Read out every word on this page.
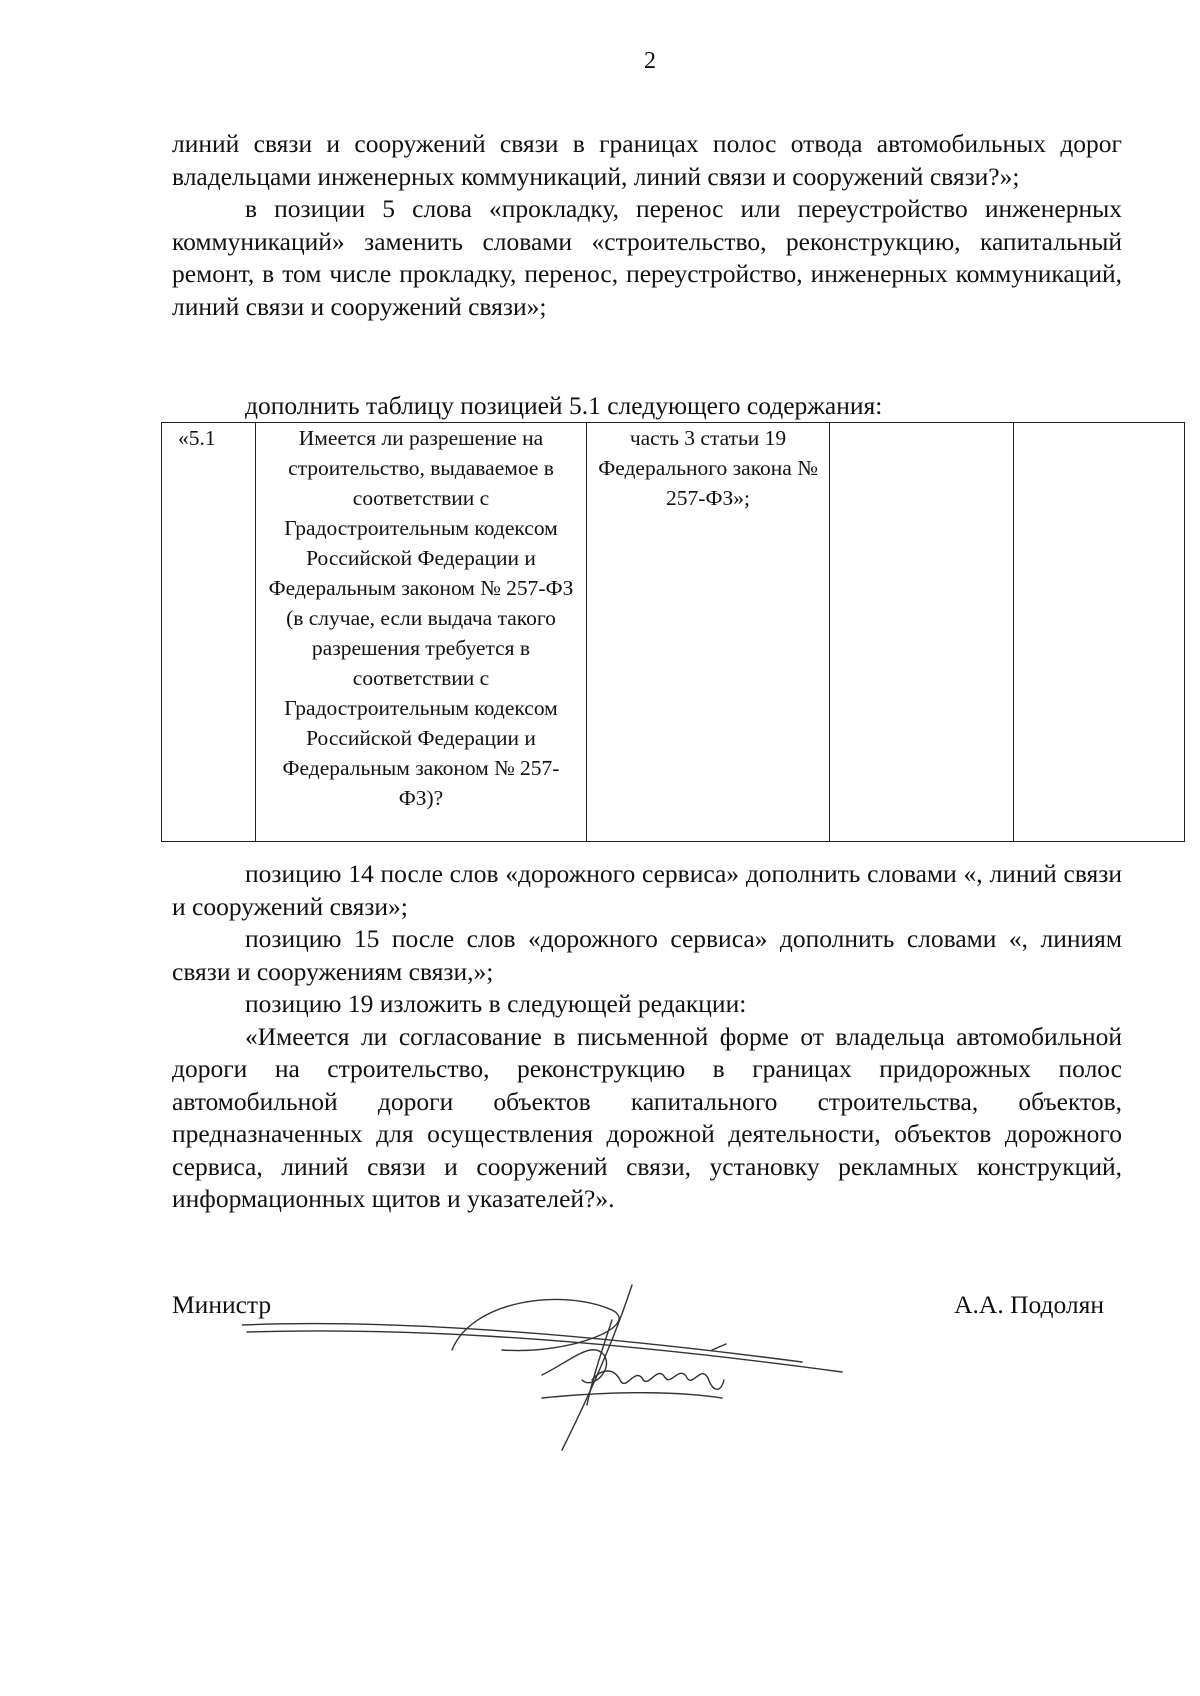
2

линий связи и сооружений связи в границах полос отвода автомобильных дорог владельцами инженерных коммуникаций, линий связи и сооружений связи?»;

в позиции 5 слова «прокладку, перенос или переустройство инженерных коммуникаций» заменить словами «строительство, реконструкцию, капитальный ремонт, в том числе прокладку, перенос, переустройство, инженерных коммуникаций, линий связи и сооружений связи»;

дополнить таблицу позицией 5.1 следующего содержания:
«5.1	Имеется ли разрешение на строительство, выдаваемое в соответствии с Градостроительным кодексом Российской Федерации и Федеральным законом № 257-ФЗ (в случае, если выдача такого разрешения требуется в соответствии с Градостроительным кодексом Российской Федерации и Федеральным законом № 257-ФЗ)?	часть 3 статьи 19 Федерального закона № 257-ФЗ»;		

позицию 14 после слов «дорожного сервиса» дополнить словами «, линий связи и сооружений связи»;

позицию 15 после слов «дорожного сервиса» дополнить словами «, линиям связи и сооружениям связи,»;

позицию 19 изложить в следующей редакции:

«Имеется ли согласование в письменной форме от владельца автомобильной дороги на строительство, реконструкцию в границах придорожных полос автомобильной дороги объектов капитального строительства, объектов, предназначенных для осуществления дорожной деятельности, объектов дорожного сервиса, линий связи и сооружений связи, установку рекламных конструкций, информационных щитов и указателей?».

Министр	А.А. Подолян
